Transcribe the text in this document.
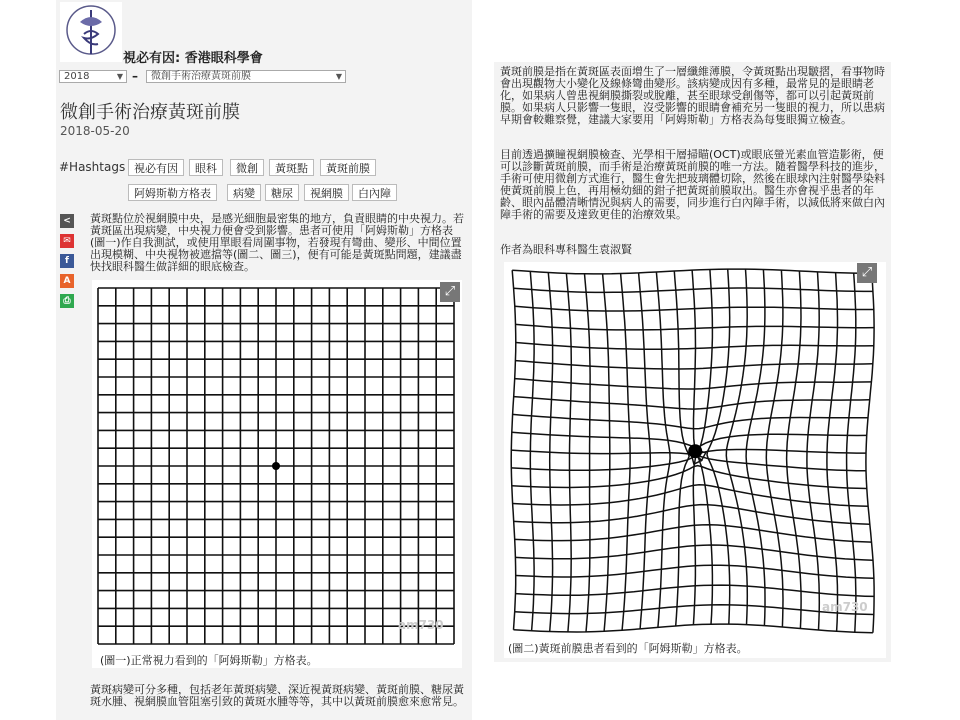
視必有因: 香港眼科學會
2018	▼ –	微創手術治療黃斑前膜	▼
微創手術治療黃斑前膜
2018-05-20
#Hashtags 視必有因	眼科	微創	黃斑點	黃斑前膜
阿姆斯勒方格表	病變	糖尿	視網膜	白內障
<
✉
f
A
⎙
黃斑點位於視網膜中央，是感光細胞最密集的地方，負責眼睛的中央視力。若黃斑區出現病變，中央視力便會受到影響。患者可使用「阿姆斯勒」方格表(圖一)作自我測試，或使用單眼看周圍事物，若發現有彎曲、變形、中間位置出現模糊、中央視物被遮擋等(圖二、圖三)，便有可能是黃斑點問題，建議盡快找眼科醫生做詳細的眼底檢查。
⤢
am730
(圖一)正常視力看到的「阿姆斯勒」方格表。
黃斑病變可分多種，包括老年黃斑病變、深近視黃斑病變、黃斑前膜、糖尿黃斑水腫、視網膜血管阻塞引致的黃斑水腫等等，其中以黃斑前膜愈來愈常見。
黃斑前膜是指在黃斑區表面增生了一層纖維薄膜，令黃斑點出現皺摺，看事物時會出現觀物大小變化及線條彎曲變形。該病變成因有多種，最常見的是眼睛老化，如果病人曾患視網膜撕裂或脫離，甚至眼球受創傷等，都可以引起黃斑前膜。如果病人只影響一隻眼，沒受影響的眼睛會補充另一隻眼的視力，所以患病早期會較難察覺，建議大家要用「阿姆斯勒」方格表為每隻眼獨立檢查。
目前透過擴瞳視網膜檢查、光學相干層掃瞄(OCT)或眼底螢光素血管造影術，便可以診斷黃斑前膜，而手術是治療黃斑前膜的唯一方法。隨着醫學科技的進步，手術可使用微創方式進行，醫生會先把玻璃體切除，然後在眼球內注射醫學染料使黃斑前膜上色，再用極幼細的鉗子把黃斑前膜取出。醫生亦會視乎患者的年齡、眼內晶體清晰情況與病人的需要，同步進行白內障手術，以減低將來做白內障手術的需要及達致更佳的治療效果。
作者為眼科專科醫生袁淑賢
⤢
am730
(圖二)黃斑前膜患者看到的「阿姆斯勒」方格表。
